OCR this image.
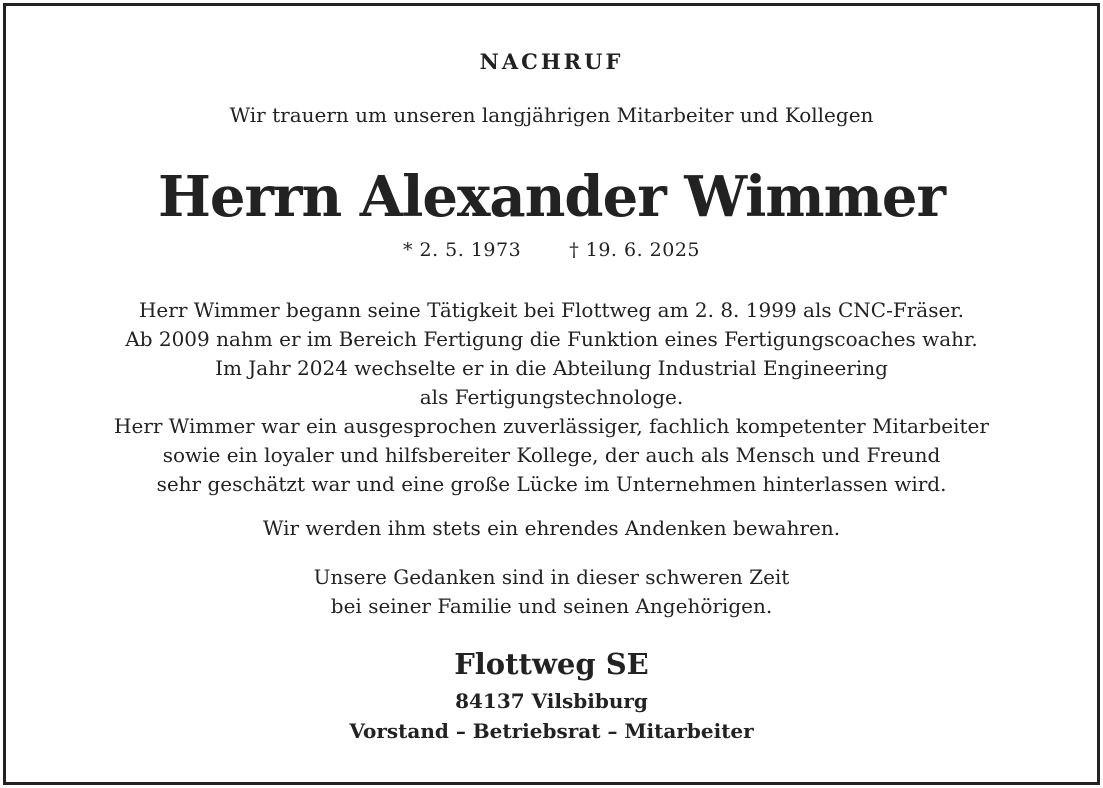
NACHRUF
Wir trauern um unseren langjährigen Mitarbeiter und Kollegen
Herrn Alexander Wimmer
* 2. 5. 1973	† 19. 6. 2025
Herr Wimmer begann seine Tätigkeit bei Flottweg am 2. 8. 1999 als CNC-Fräser.
Ab 2009 nahm er im Bereich Fertigung die Funktion eines Fertigungscoaches wahr.
Im Jahr 2024 wechselte er in die Abteilung Industrial Engineering
als Fertigungstechnologe.
Herr Wimmer war ein ausgesprochen zuverlässiger, fachlich kompetenter Mitarbeiter
sowie ein loyaler und hilfsbereiter Kollege, der auch als Mensch und Freund
sehr geschätzt war und eine große Lücke im Unternehmen hinterlassen wird.
Wir werden ihm stets ein ehrendes Andenken bewahren.
Unsere Gedanken sind in dieser schweren Zeit
bei seiner Familie und seinen Angehörigen.
Flottweg SE
84137 Vilsbiburg
Vorstand – Betriebsrat – Mitarbeiter
